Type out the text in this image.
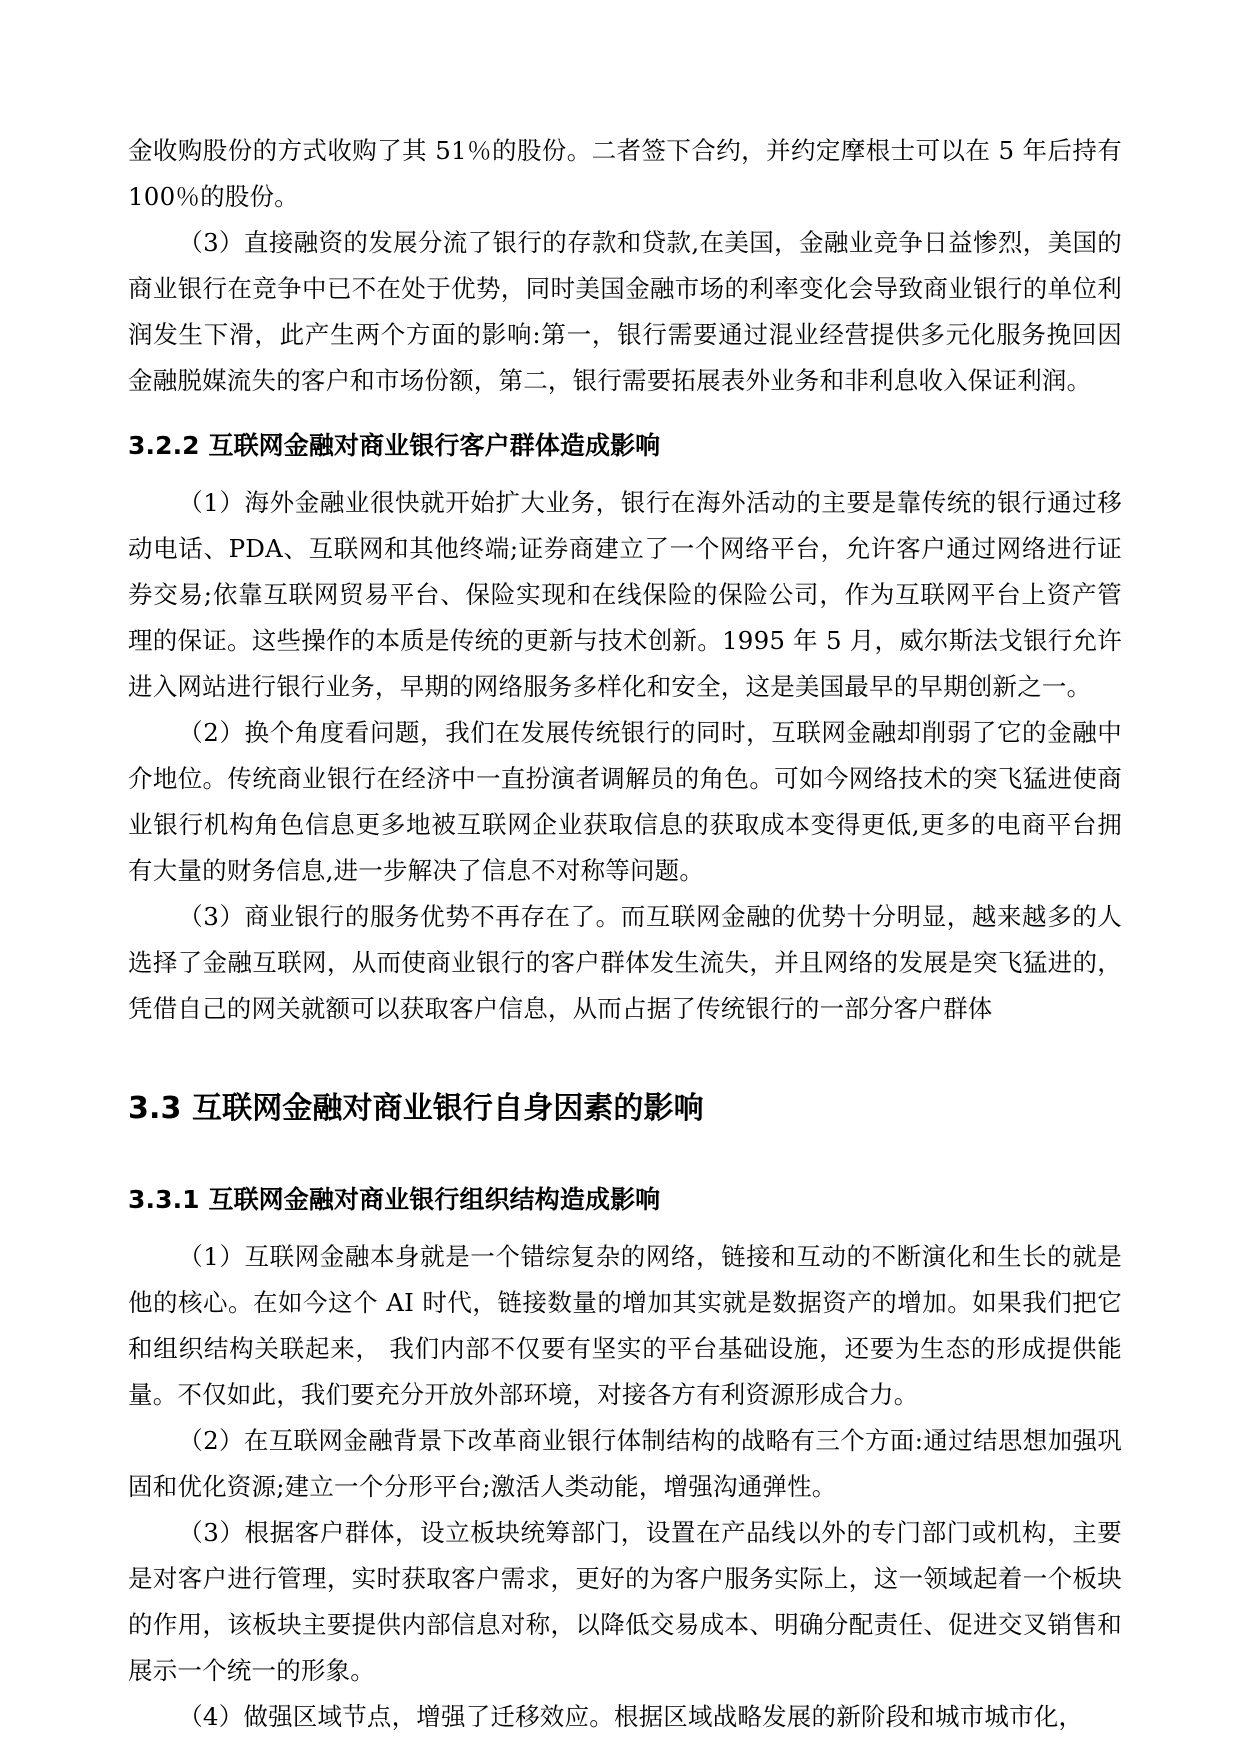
金收购股份的方式收购了其 51％的股份。二者签下合约，并约定摩根士可以在 5 年后持有 100％的股份。

（3）直接融资的发展分流了银行的存款和贷款,在美国，金融业竞争日益惨烈，美国的商业银行在竞争中已不在处于优势，同时美国金融市场的利率变化会导致商业银行的单位利润发生下滑，此产生两个方面的影响:第一，银行需要通过混业经营提供多元化服务挽回因金融脱媒流失的客户和市场份额，第二，银行需要拓展表外业务和非利息收入保证利润。

3.2.2 互联网金融对商业银行客户群体造成影响

（1）海外金融业很快就开始扩大业务，银行在海外活动的主要是靠传统的银行通过移动电话、PDA、互联网和其他终端;证券商建立了一个网络平台，允许客户通过网络进行证券交易;依靠互联网贸易平台、保险实现和在线保险的保险公司，作为互联网平台上资产管理的保证。这些操作的本质是传统的更新与技术创新。1995 年 5 月，威尔斯法戈银行允许进入网站进行银行业务，早期的网络服务多样化和安全，这是美国最早的早期创新之一。

（2）换个角度看问题，我们在发展传统银行的同时，互联网金融却削弱了它的金融中介地位。传统商业银行在经济中一直扮演者调解员的角色。可如今网络技术的突飞猛进使商业银行机构角色信息更多地被互联网企业获取信息的获取成本变得更低,更多的电商平台拥有大量的财务信息,进一步解决了信息不对称等问题。

（3）商业银行的服务优势不再存在了。而互联网金融的优势十分明显，越来越多的人选择了金融互联网，从而使商业银行的客户群体发生流失，并且网络的发展是突飞猛进的，凭借自己的网关就额可以获取客户信息，从而占据了传统银行的一部分客户群体

3.3 互联网金融对商业银行自身因素的影响
3.3.1 互联网金融对商业银行组织结构造成影响

（1）互联网金融本身就是一个错综复杂的网络，链接和互动的不断演化和生长的就是他的核心。在如今这个 AI 时代，链接数量的增加其实就是数据资产的增加。如果我们把它和组织结构关联起来， 我们内部不仅要有坚实的平台基础设施，还要为生态的形成提供能量。不仅如此，我们要充分开放外部环境，对接各方有利资源形成合力。

（2）在互联网金融背景下改革商业银行体制结构的战略有三个方面:通过结思想加强巩固和优化资源;建立一个分形平台;激活人类动能，增强沟通弹性。

（3）根据客户群体，设立板块统筹部门，设置在产品线以外的专门部门或机构，主要是对客户进行管理，实时获取客户需求，更好的为客户服务实际上，这一领域起着一个板块的作用，该板块主要提供内部信息对称，以降低交易成本、明确分配责任、促进交叉销售和展示一个统一的形象。

（4）做强区域节点，增强了迁移效应。根据区域战略发展的新阶段和城市城市化，
